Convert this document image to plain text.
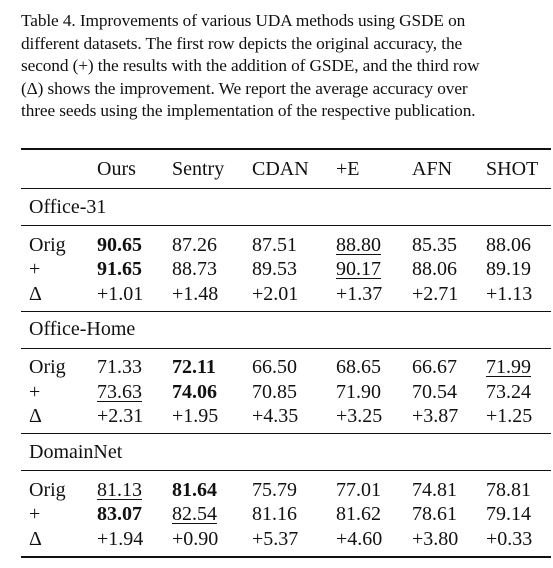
Table 4. Improvements of various UDA methods using GSDE on
different datasets. The first row depicts the original accuracy, the
second (+) the results with the addition of GSDE, and the third row
(Δ) shows the improvement. We report the average accuracy over
three seeds using the implementation of the respective publication.
	Ours	Sentry	CDAN	+E	AFN	SHOT
Office-31						
Orig	90.65	87.26	87.51	88.80	85.35	88.06
+	91.65	88.73	89.53	90.17	88.06	89.19
Δ	+1.01	+1.48	+2.01	+1.37	+2.71	+1.13
Office-Home						
Orig	71.33	72.11	66.50	68.65	66.67	71.99
+	73.63	74.06	70.85	71.90	70.54	73.24
Δ	+2.31	+1.95	+4.35	+3.25	+3.87	+1.25
DomainNet						
Orig	81.13	81.64	75.79	77.01	74.81	78.81
+	83.07	82.54	81.16	81.62	78.61	79.14
Δ	+1.94	+0.90	+5.37	+4.60	+3.80	+0.33
